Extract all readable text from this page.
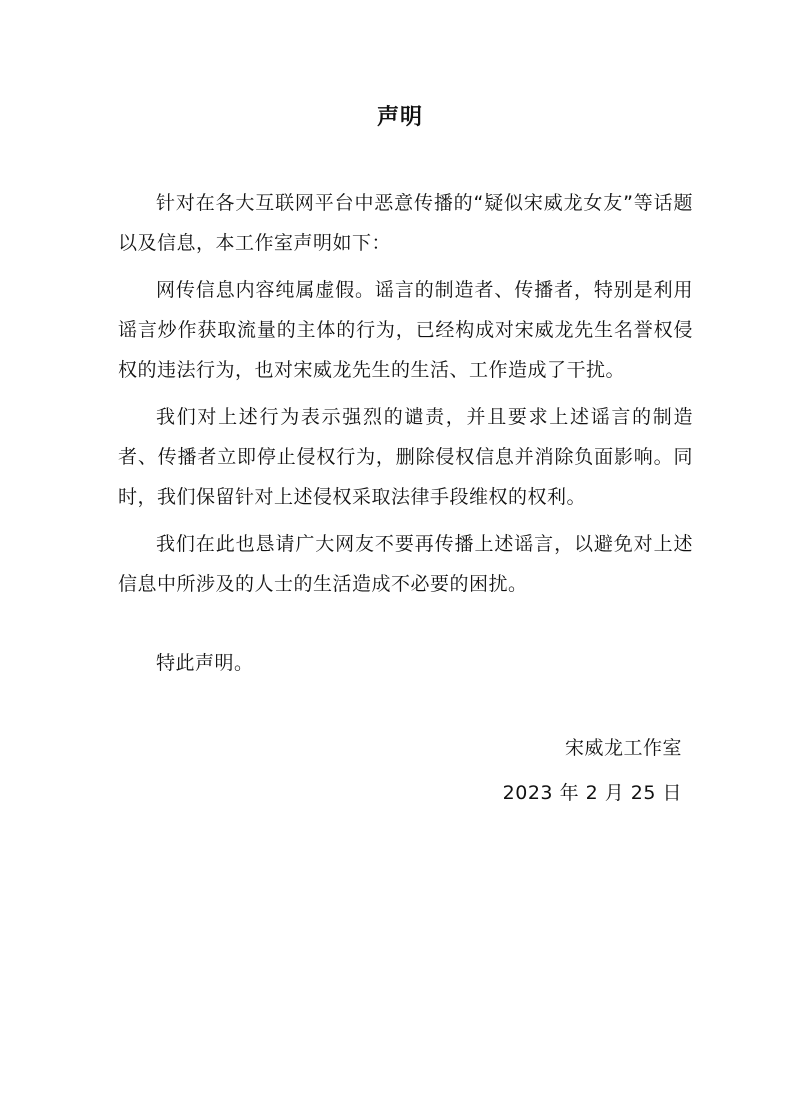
声明

针对在各大互联网平台中恶意传播的“疑似宋威龙女友”等话题以及信息，本工作室声明如下：

网传信息内容纯属虚假。谣言的制造者、传播者，特别是利用谣言炒作获取流量的主体的行为，已经构成对宋威龙先生名誉权侵权的违法行为，也对宋威龙先生的生活、工作造成了干扰。

我们对上述行为表示强烈的谴责，并且要求上述谣言的制造者、传播者立即停止侵权行为，删除侵权信息并消除负面影响。同时，我们保留针对上述侵权采取法律手段维权的权利。

我们在此也恳请广大网友不要再传播上述谣言，以避免对上述信息中所涉及的人士的生活造成不必要的困扰。

特此声明。
宋威龙工作室
2023 年 2 月 25 日
